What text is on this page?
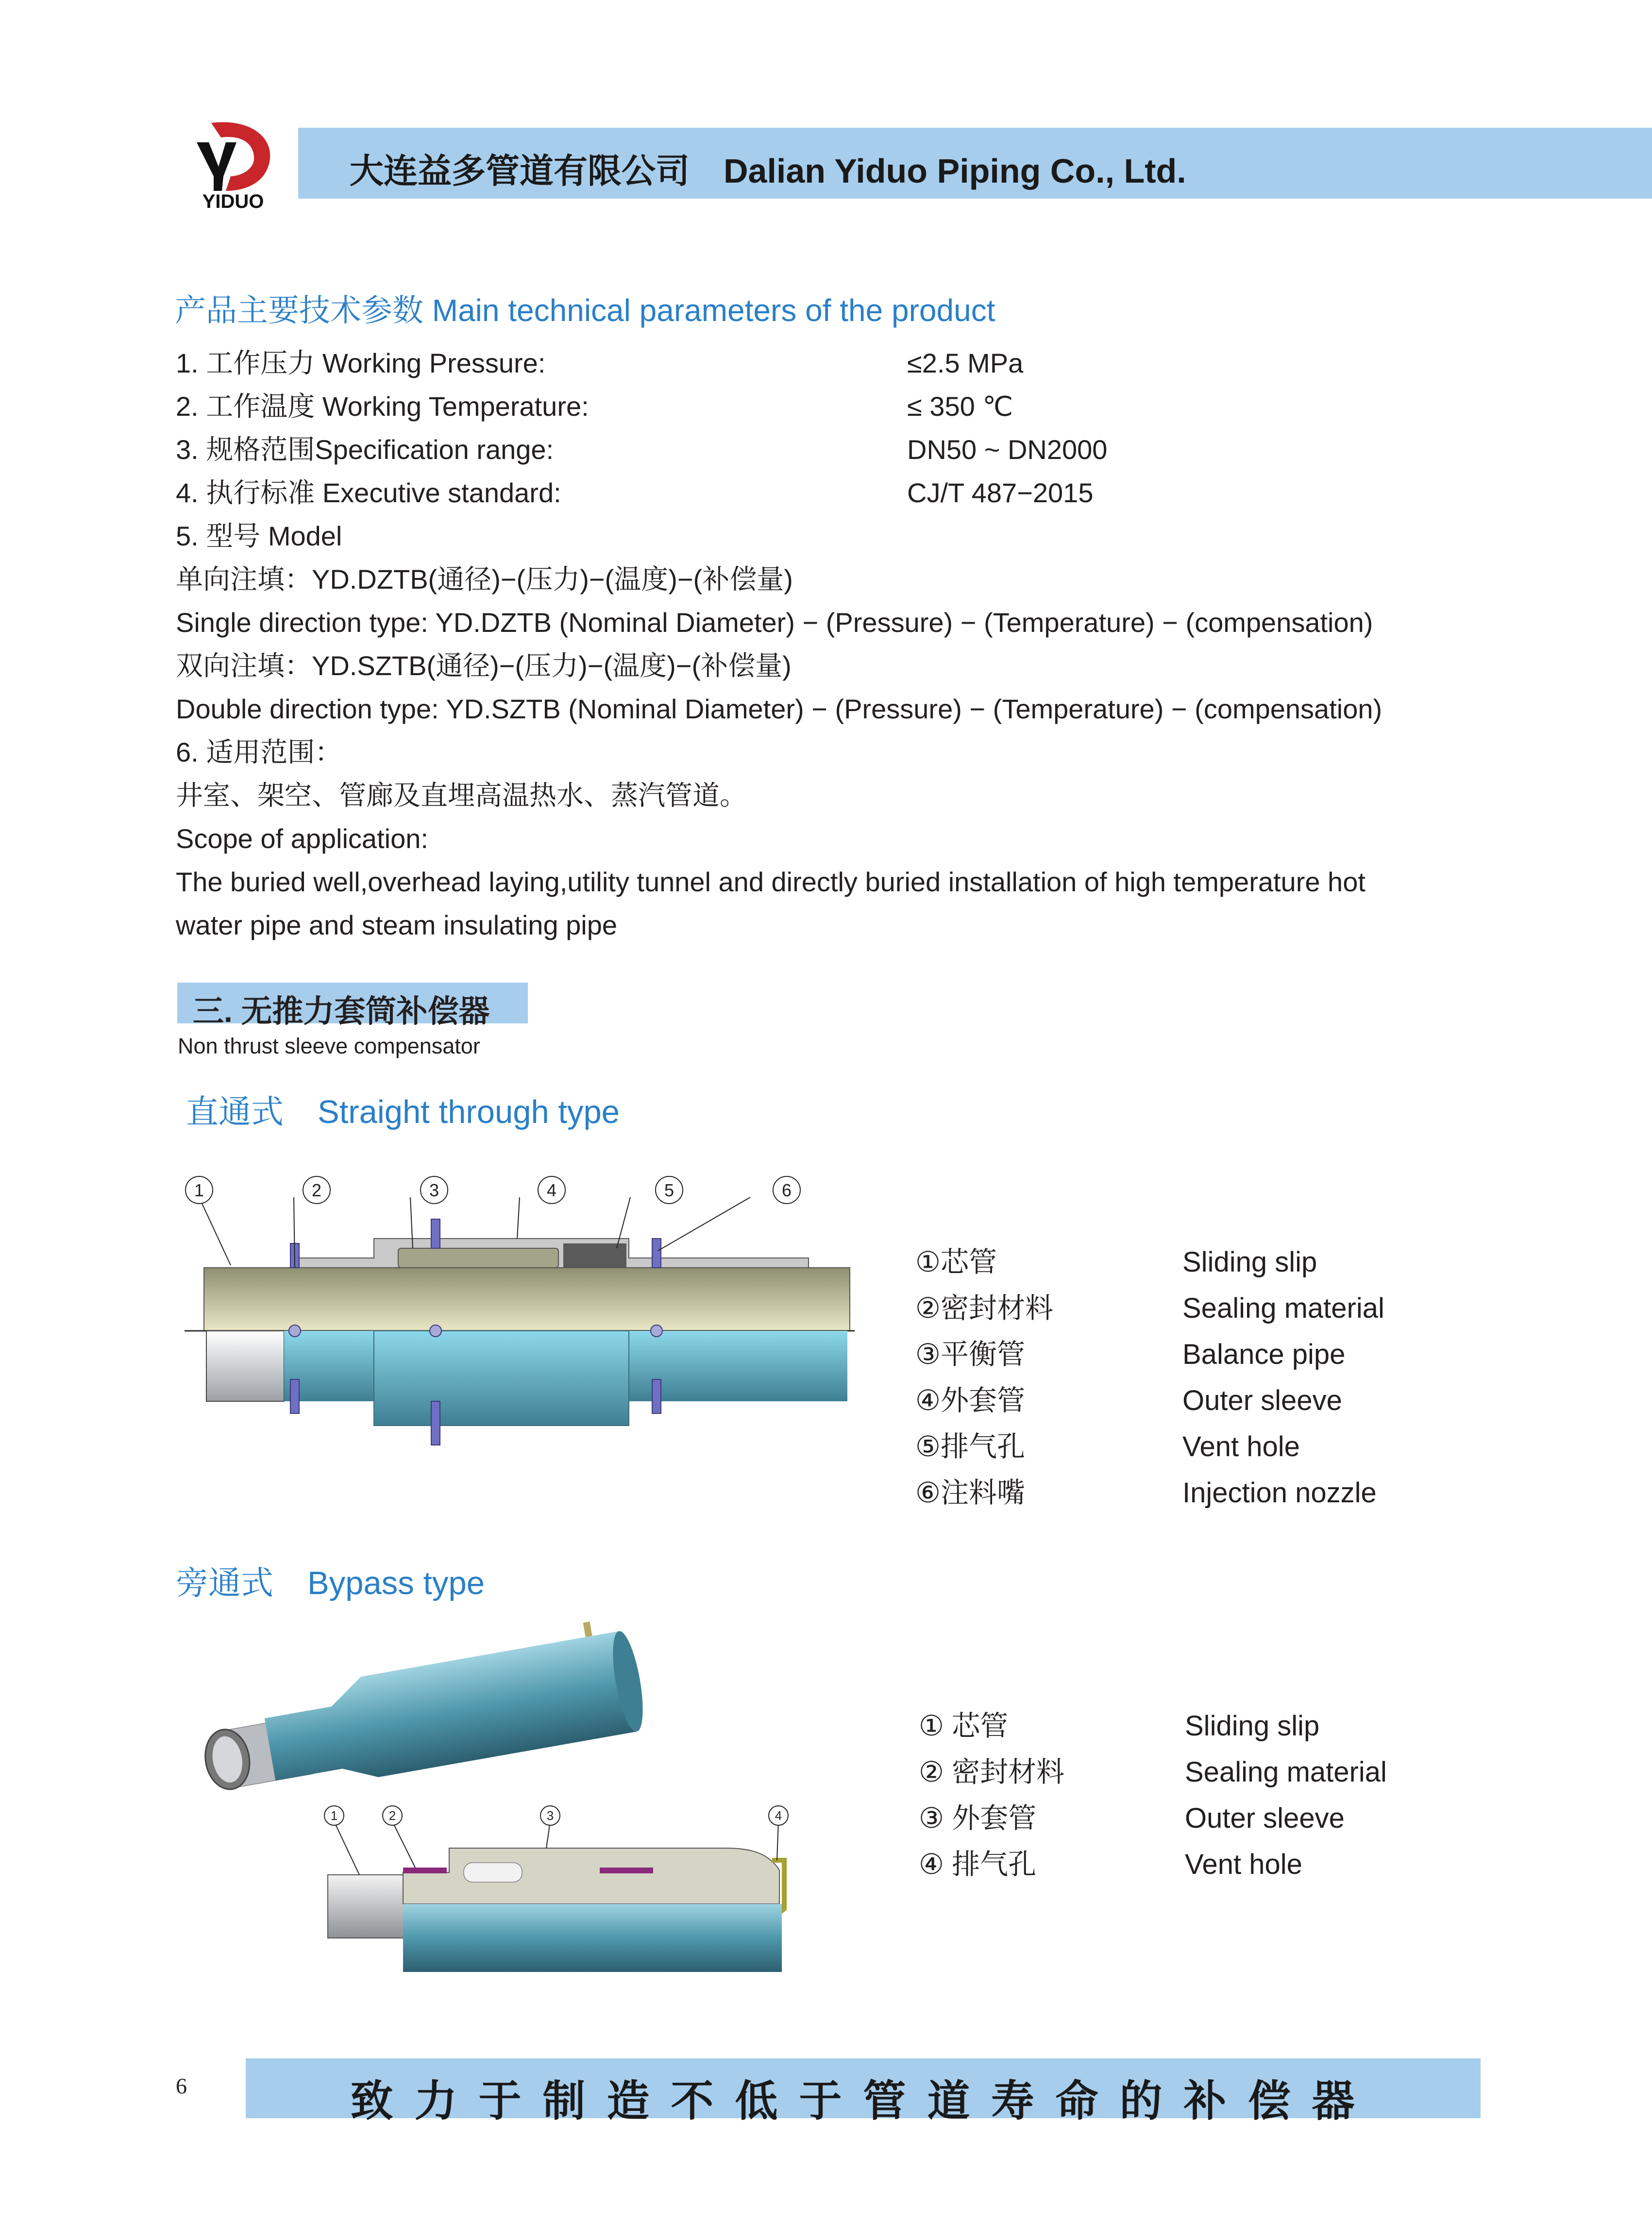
YIDUO
大连益多管道有限公司 Dalian Yiduo Piping Co., Ltd.
产品主要技术参数 Main technical parameters of the product
1. 工作压力 Working Pressure:	≤2.5 MPa
2. 工作温度 Working Temperature:	≤ 350 ℃
3. 规格范围Specification range:	DN50 ~ DN2000
4. 执行标准 Executive standard:	CJ/T 487−2015
5. 型号 Model
单向注填：YD.DZTB(通径)−(压力)−(温度)−(补偿量)
Single direction type: YD.DZTB (Nominal Diameter) − (Pressure) − (Temperature) − (compensation)
双向注填：YD.SZTB(通径)−(压力)−(温度)−(补偿量)
Double direction type: YD.SZTB (Nominal Diameter) − (Pressure) − (Temperature) − (compensation)
6. 适用范围：
井室、架空、管廊及直埋高温热水、蒸汽管道。
Scope of application:
The buried well,overhead laying,utility tunnel and directly buried installation of high temperature hot
water pipe and steam insulating pipe
三. 无推力套筒补偿器
Non thrust sleeve compensator
直通式 Straight through type
1	2	3	4	5	6
①芯管	Sliding slip
②密封材料	Sealing material
③平衡管	Balance pipe
④外套管	Outer sleeve
⑤排气孔	Vent hole
⑥注料嘴	Injection nozzle
旁通式 Bypass type
1	2	3	4
① 芯管	Sliding slip
② 密封材料	Sealing material
③ 外套管	Outer sleeve
④ 排气孔	Vent hole
6	致力于制造不低于管道寿命的补偿器
